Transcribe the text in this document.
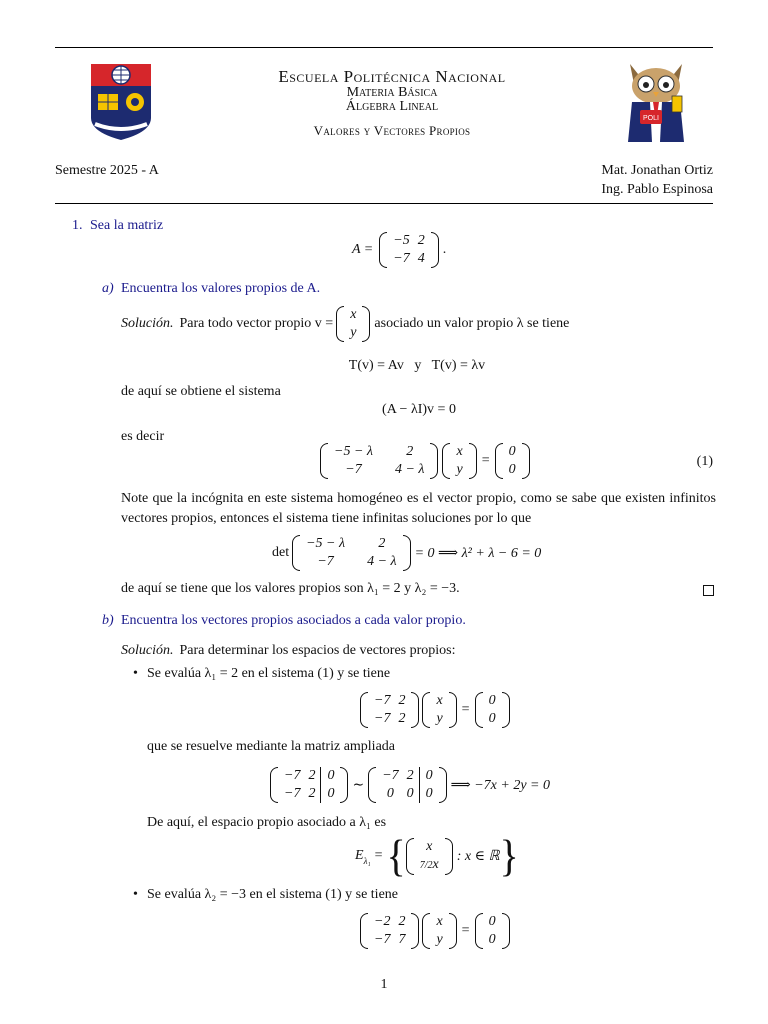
POLI
Escuela Politécnica Nacional
Materia Básica
Álgebra Lineal
Valores y Vectores Propios
Semestre 2025 - A	Mat. Jonathan Ortiz
Ing. Pablo Espinosa
1. Sea la matriz
A =
−5	2
−7	4
.
a) Encuentra los valores propios de A.
Solución. Para todo vector propio v =
x
y
asociado un valor propio λ se tiene
T(v) = Av   y   T(v) = λv
de aquí se obtiene el sistema
(A − λI)v = 0
es decir
−5 − λ	2
−7	4 − λ
x
y
=
0
0
(1)
Note que la incógnita en este sistema homogéneo es el vector propio, como se sabe que existen infinitos vectores propios, entonces el sistema tiene infinitas soluciones por lo que
det
−5 − λ	2
−7	4 − λ
= 0 ⟹ λ² + λ − 6 = 0
de aquí se tiene que los valores propios son λ₁ = 2 y λ₂ = −3.
b) Encuentra los vectores propios asociados a cada valor propio.
Solución. Para determinar los espacios de vectores propios:
• Se evalúa λ₁ = 2 en el sistema (1) y se tiene
−7	2
−7	2
x
y
=
0
0
que se resuelve mediante la matriz ampliada
−7	2	0
−7	2	0
∼
−7	2	0
0	0	0
⟹ −7x + 2y = 0
De aquí, el espacio propio asociado a λ₁ es
E λ₁ = { x
7/2x
: x ∈ ℝ }
• Se evalúa λ₂ = −3 en el sistema (1) y se tiene
−2	2
−7	7
x
y
=
0
0
1
